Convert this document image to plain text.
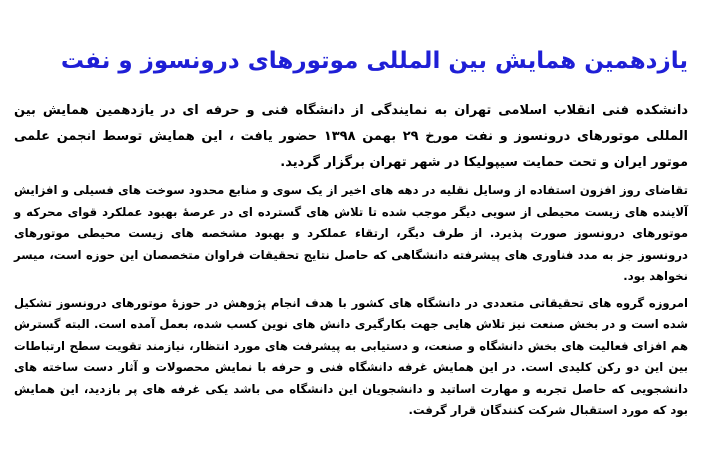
یازدهمین همایش بین المللی موتورهای درونسوز و نفت

دانشکده فنی انقلاب اسلامی تهران به نمایندگی از دانشگاه فنی و حرفه ای در یازدهمین همایش بین المللی موتورهای درونسوز و نفت مورخ ۲۹ بهمن ۱۳۹۸ حضور یافت ، این همایش توسط انجمن علمی موتور ایران و تحت حمایت سیپولیکا در شهر تهران برگزار گردید.

تقاضای روز افزون استفاده از وسایل نقلیه در دهه های اخیر از یک سوی و منابع محدود سوخت های فسیلی و افزایش آلاینده های زیست محیطی از سویی دیگر موجب شده تا تلاش های گسترده ای در عرصهٔ بهبود عملکرد قوای محرکه و موتورهای درونسوز صورت پذیرد. از طرف دیگر، ارتقاء عملکرد و بهبود مشخصه های زیست محیطی موتورهای درونسوز جز به مدد فناوری های پیشرفته دانشگاهی که حاصل نتایج تحقیقات فراوان متخصصان این حوزه است، میسر نخواهد بود.

امروزه گروه های تحقیقاتی متعددی در دانشگاه های کشور با هدف انجام پژوهش در حوزهٔ موتورهای درونسوز تشکیل شده است و در بخش صنعت نیز تلاش هایی جهت بکارگیری دانش های نوین کسب شده، بعمل آمده است. البته گسترش هم افزای فعالیت های بخش دانشگاه و صنعت، و دستیابی به پیشرفت های مورد انتظار، نیازمند تقویت سطح ارتباطات بین این دو رکن کلیدی است. در این همایش غرفه دانشگاه فنی و حرفه با نمایش محصولات و آثار دست ساخته های دانشجویی که حاصل تجربه و مهارت اساتید و دانشجویان این دانشگاه می باشد یکی غرفه های پر بازدید، این همایش بود که مورد استقبال شرکت کنندگان قرار گرفت.
